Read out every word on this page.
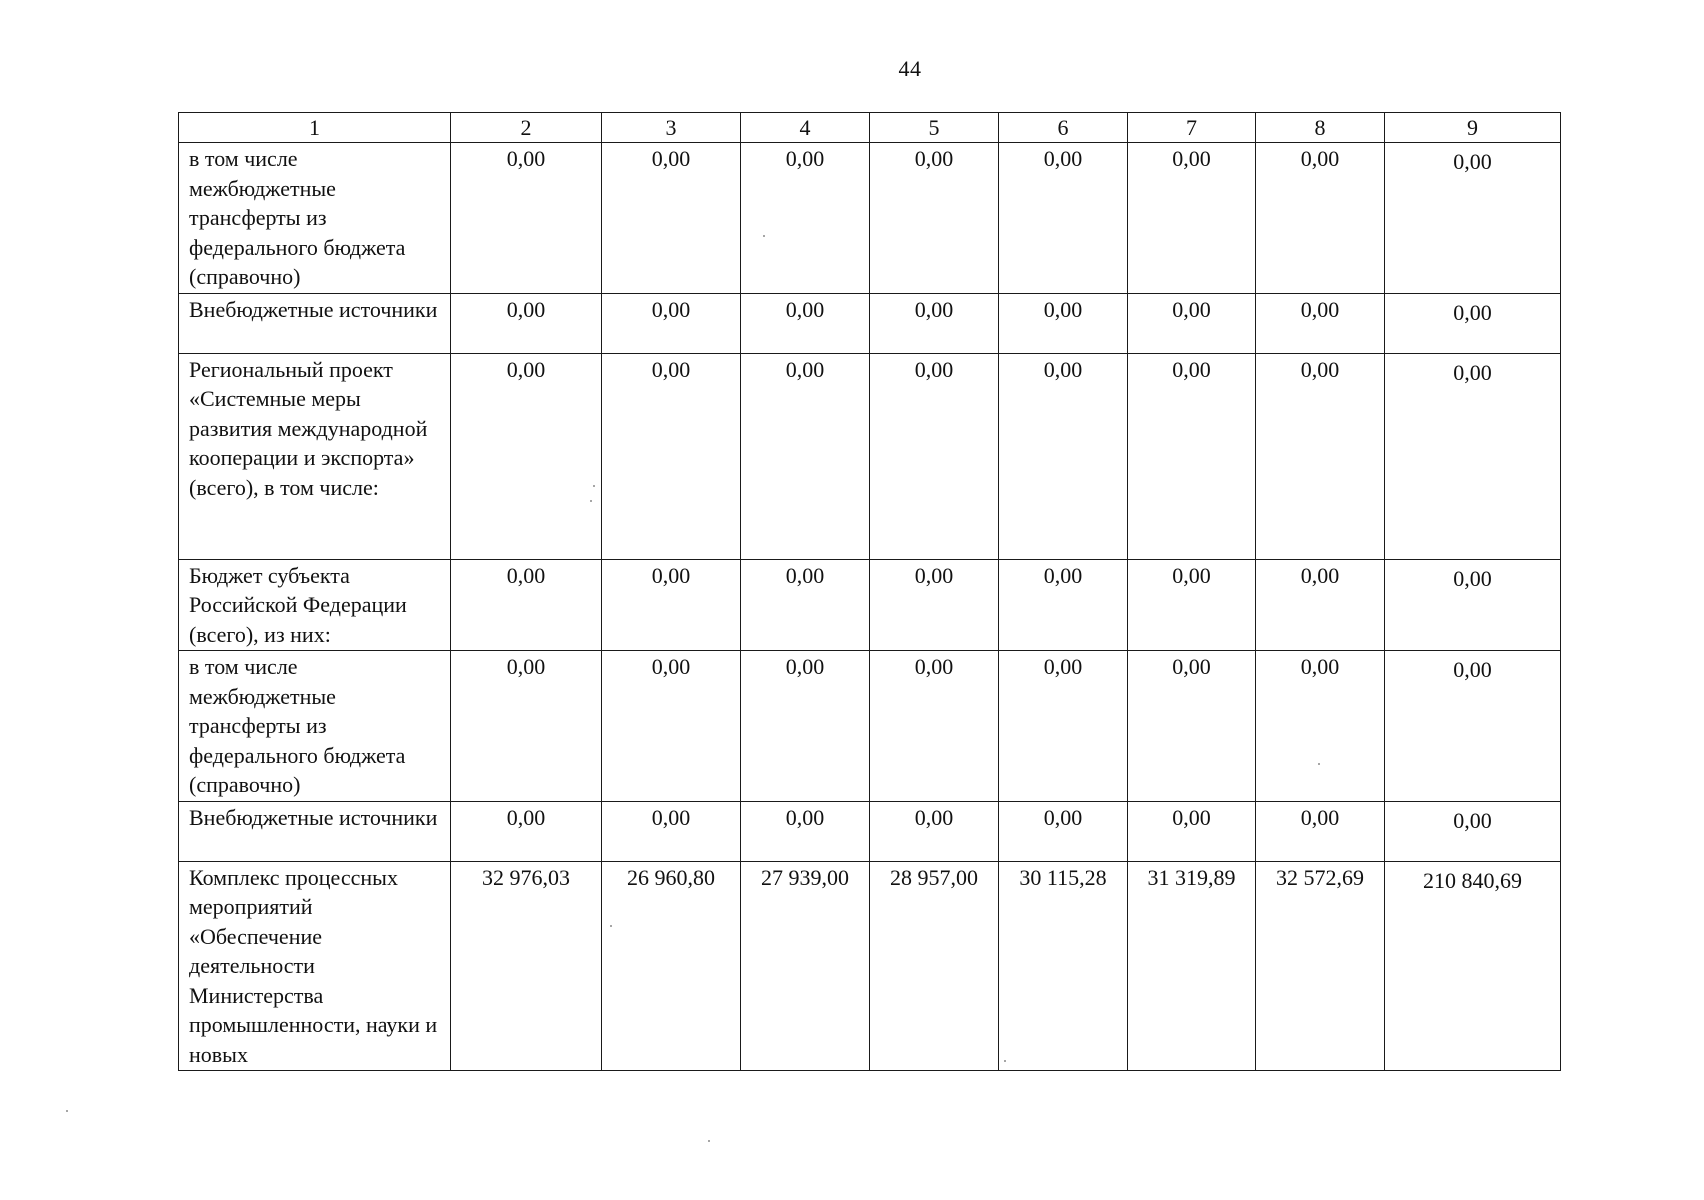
44
1	2	3	4	5	6	7	8	9
в том числе межбюджетные трансферты из федерального бюджета (справочно)	0,00	0,00	0,00	0,00	0,00	0,00	0,00	0,00
Внебюджетные источники	0,00	0,00	0,00	0,00	0,00	0,00	0,00	0,00
Региональный проект «Системные меры развития международной кооперации и экспорта» (всего), в том числе:	0,00	0,00	0,00	0,00	0,00	0,00	0,00	0,00
Бюджет субъекта Российской Федерации (всего), из них:	0,00	0,00	0,00	0,00	0,00	0,00	0,00	0,00
в том числе межбюджетные трансферты из федерального бюджета (справочно)	0,00	0,00	0,00	0,00	0,00	0,00	0,00	0,00
Внебюджетные источники	0,00	0,00	0,00	0,00	0,00	0,00	0,00	0,00
Комплекс процессных мероприятий «Обеспечение деятельности Министерства промышленности, науки и новых	32 976,03	26 960,80	27 939,00	28 957,00	30 115,28	31 319,89	32 572,69	210 840,69
